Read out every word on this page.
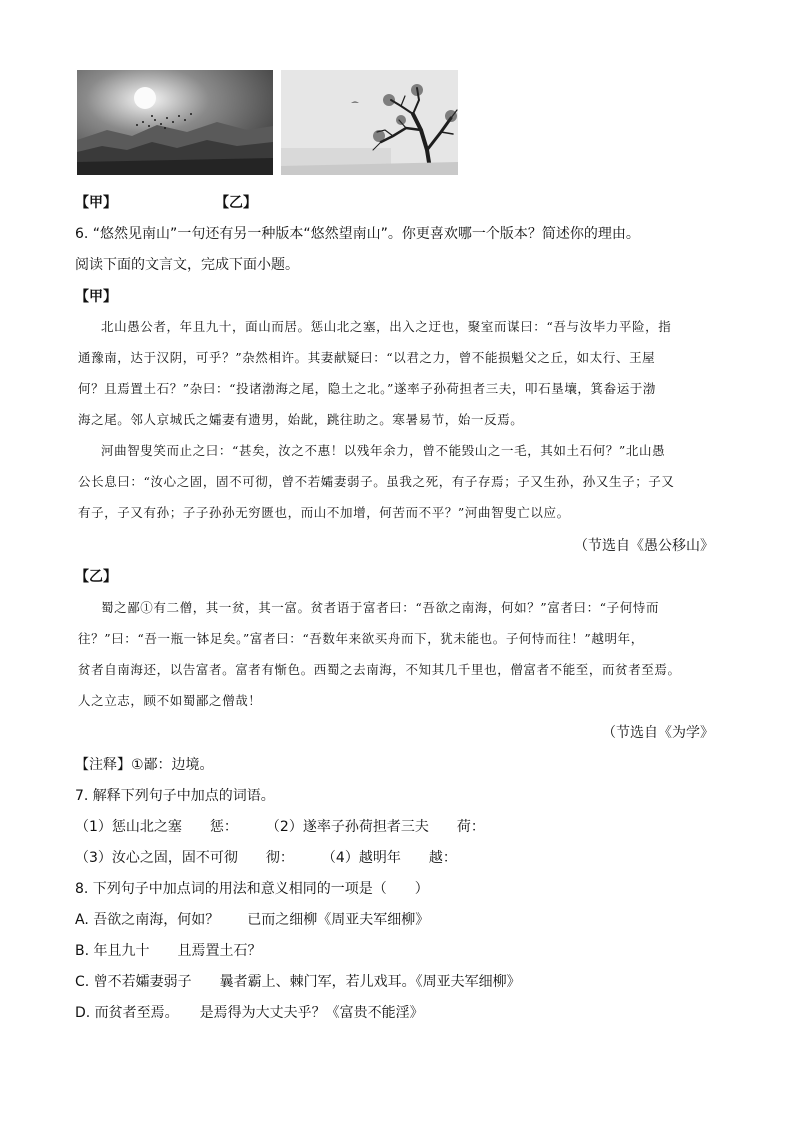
【甲】	【乙】
6. “悠然见南山”一句还有另一种版本“悠然望南山”。你更喜欢哪一个版本？简述你的理由。
阅读下面的文言文，完成下面小题。
【甲】
北山愚公者，年且九十，面山而居。惩山北之塞，出入之迂也，聚室而谋曰：“吾与汝毕力平险，指
通豫南，达于汉阴，可乎？”杂然相许。其妻献疑曰：“以君之力，曾不能损魁父之丘，如太行、王屋
何？且焉置土石？”杂曰：“投诸渤海之尾，隐土之北。”遂率子孙荷担者三夫，叩石垦壤，箕畚运于渤
海之尾。邻人京城氏之孀妻有遗男，始龀，跳往助之。寒暑易节，始一反焉。
河曲智叟笑而止之曰：“甚矣，汝之不惠！以残年余力，曾不能毁山之一毛，其如土石何？”北山愚
公长息曰：“汝心之固，固不可彻，曾不若孀妻弱子。虽我之死，有子存焉；子又生孙，孙又生子；子又
有子，子又有孙；子子孙孙无穷匮也，而山不加增，何苦而不平？”河曲智叟亡以应。
（节选自《愚公移山》
【乙】
蜀之鄙①有二僧，其一贫，其一富。贫者语于富者曰：“吾欲之南海，何如？”富者曰：“子何恃而
往？”曰：“吾一瓶一钵足矣。”富者曰：“吾数年来欲买舟而下，犹未能也。子何恃而往！”越明年，
贫者自南海还，以告富者。富者有惭色。西蜀之去南海，不知其几千里也，僧富者不能至，而贫者至焉。
人之立志，顾不如蜀鄙之僧哉！
（节选自《为学》
【注释】①鄙：边境。
7. 解释下列句子中加点的词语。
（1）惩山北之塞　　惩：　　　（2）遂率子孙荷担者三夫　　荷：
（3）汝心之固，固不可彻　　彻：　　　（4）越明年　　越：
8. 下列句子中加点词的用法和意义相同的一项是（　　）
A. 吾欲之南海，何如？　　已而之细柳《周亚夫军细柳》
B. 年且九十　　且焉置土石？
C. 曾不若孀妻弱子　　曩者霸上、棘门军，若儿戏耳。《周亚夫军细柳》
D. 而贫者至焉。　　是焉得为大丈夫乎？《富贵不能淫》
